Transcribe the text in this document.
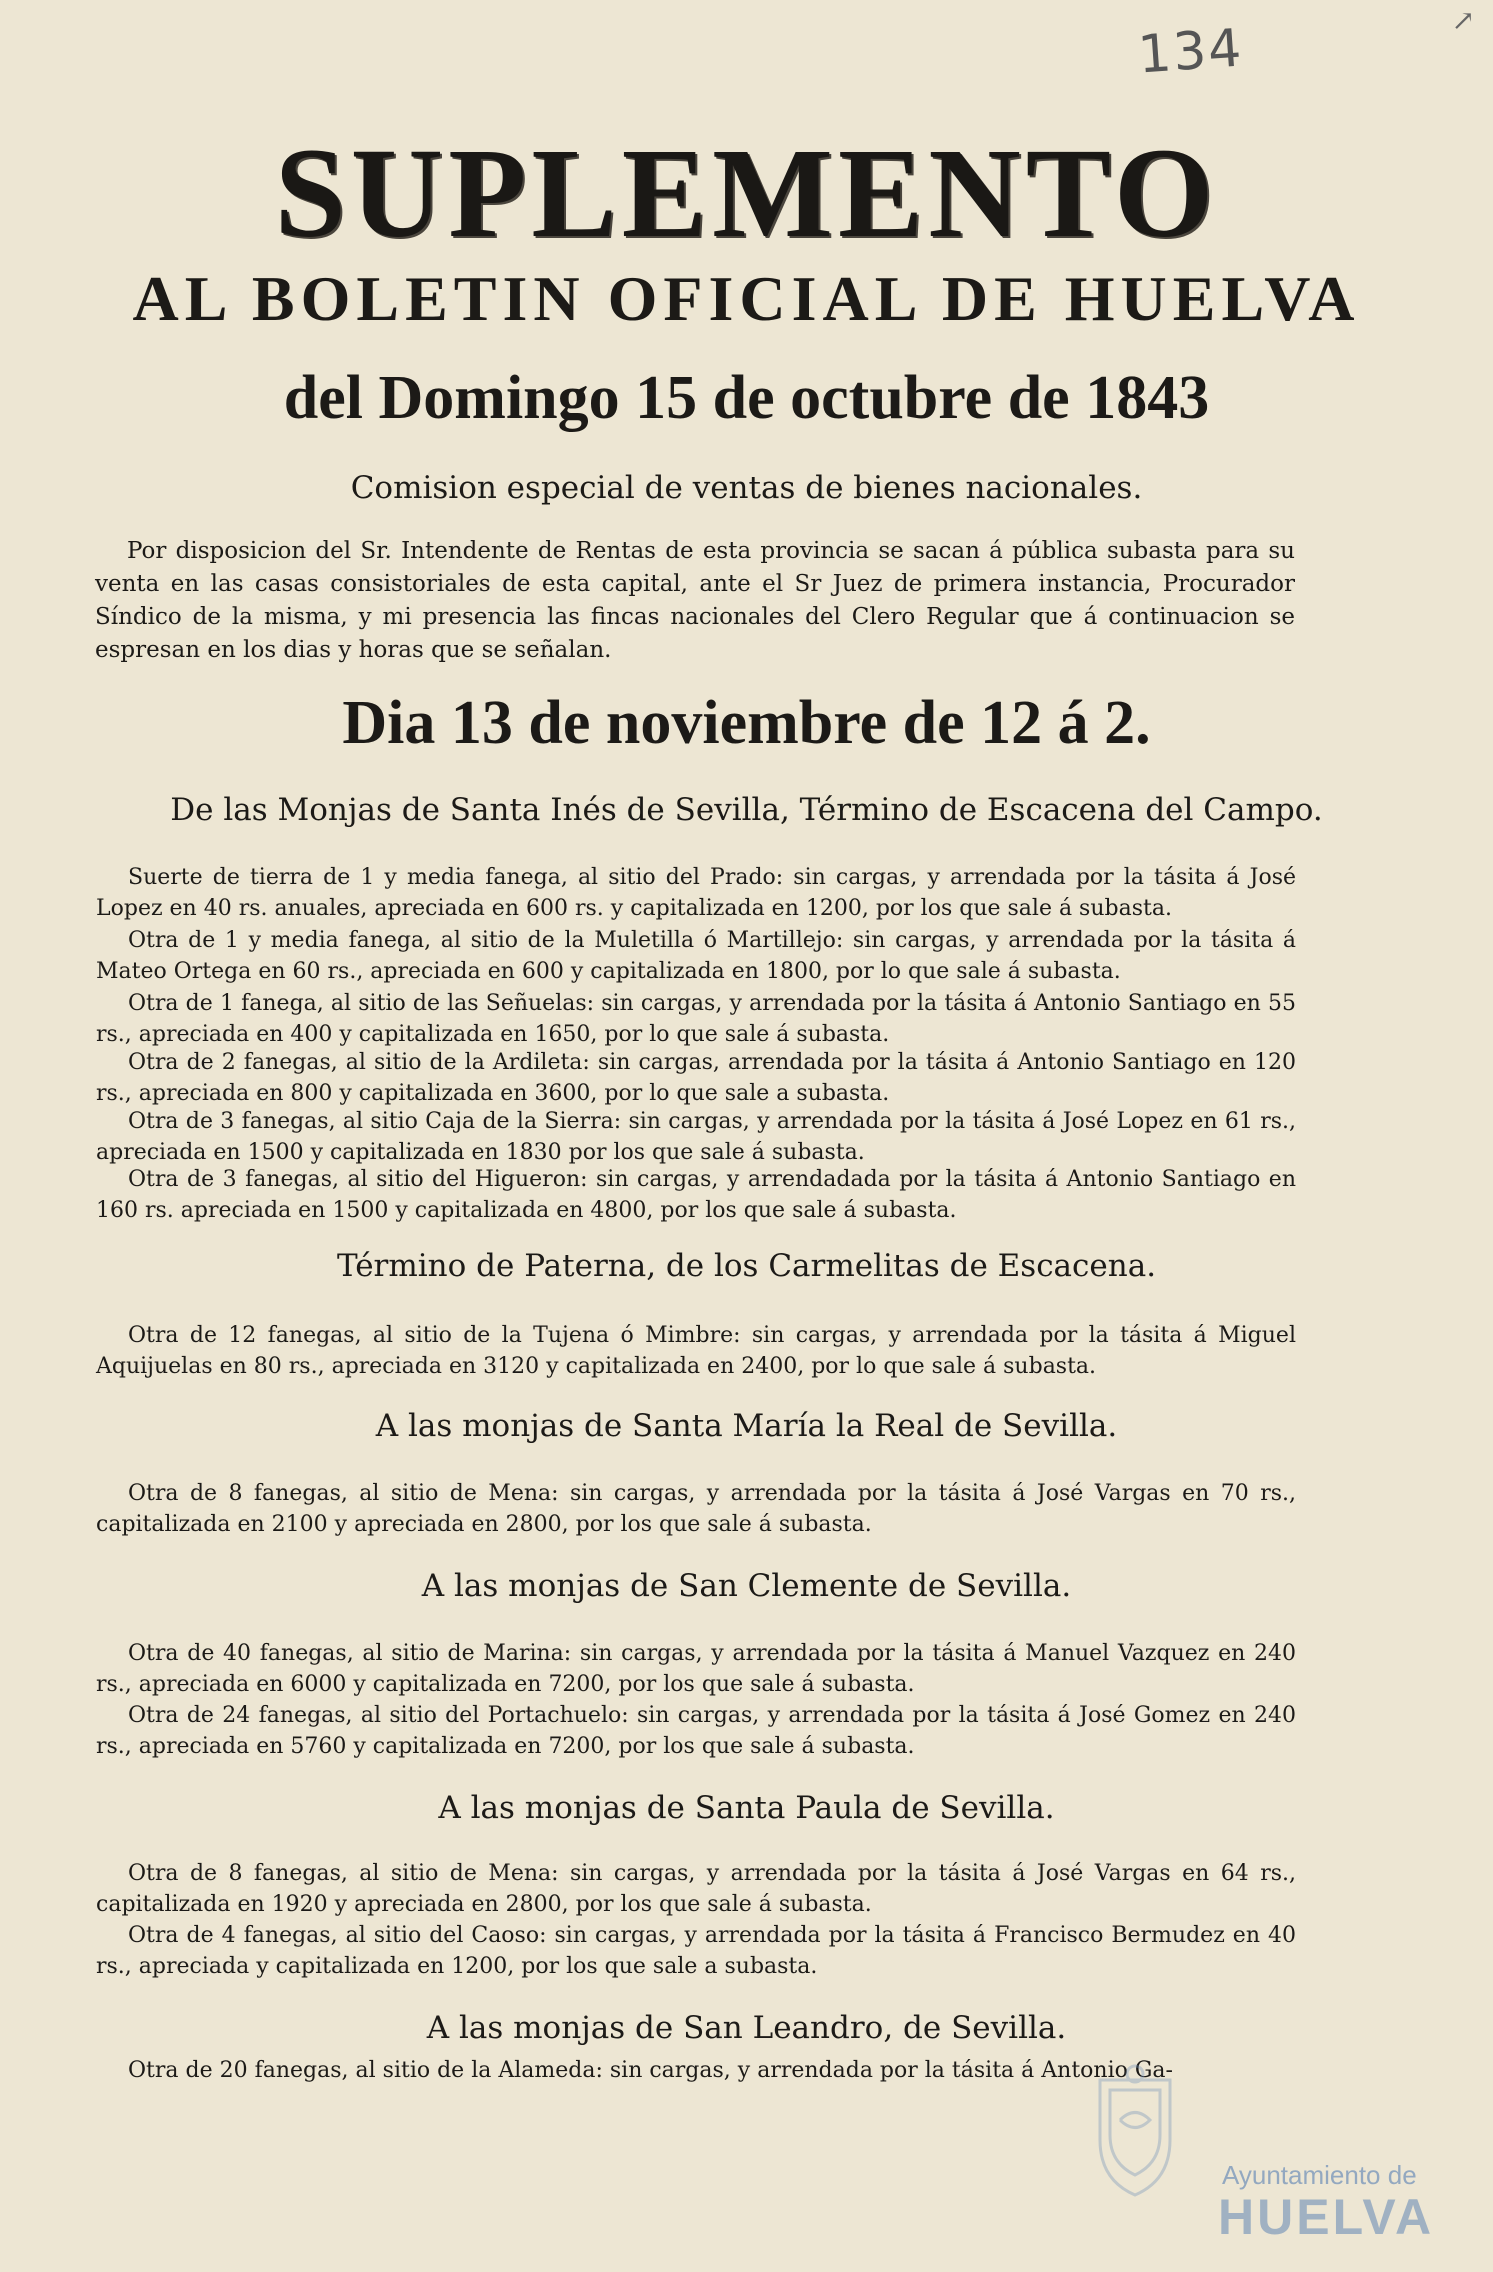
134	↗
SUPLEMENTO
AL BOLETIN OFICIAL DE HUELVA
del Domingo 15 de octubre de 1843
Comision especial de ventas de bienes nacionales.
Por disposicion del Sr. Intendente de Rentas de esta provincia se sacan á pública subasta para su venta en las casas consistoriales de esta capital, ante el Sr Juez de primera instancia, Procurador Síndico de la misma, y mi presencia las fincas nacionales del Clero Regular que á continuacion se espresan en los dias y horas que se señalan.
Dia 13 de noviembre de 12 á 2.
De las Monjas de Santa Inés de Sevilla, Término de Escacena del Campo.

Suerte de tierra de 1 y media fanega, al sitio del Prado: sin cargas, y arrendada por la tásita á José Lopez en 40 rs. anuales, apreciada en 600 rs. y capitalizada en 1200, por los que sale á subasta.

Otra de 1 y media fanega, al sitio de la Muletilla ó Martillejo: sin cargas, y arrendada por la tásita á Mateo Ortega en 60 rs., apreciada en 600 y capitalizada en 1800, por lo que sale á subasta.

Otra de 1 fanega, al sitio de las Señuelas: sin cargas, y arrendada por la tásita á Antonio Santiago en 55 rs., apreciada en 400 y capitalizada en 1650, por lo que sale á subasta.

Otra de 2 fanegas, al sitio de la Ardileta: sin cargas, arrendada por la tásita á Antonio Santiago en 120 rs., apreciada en 800 y capitalizada en 3600, por lo que sale a subasta.

Otra de 3 fanegas, al sitio Caja de la Sierra: sin cargas, y arrendada por la tásita á José Lopez en 61 rs., apreciada en 1500 y capitalizada en 1830 por los que sale á subasta.

Otra de 3 fanegas, al sitio del Higueron: sin cargas, y arrendadada por la tásita á Antonio Santiago en 160 rs. apreciada en 1500 y capitalizada en 4800, por los que sale á subasta.

Término de Paterna, de los Carmelitas de Escacena.

Otra de 12 fanegas, al sitio de la Tujena ó Mimbre: sin cargas, y arrendada por la tásita á Miguel Aquijuelas en 80 rs., apreciada en 3120 y capitalizada en 2400, por lo que sale á subasta.

A las monjas de Santa María la Real de Sevilla.

Otra de 8 fanegas, al sitio de Mena: sin cargas, y arrendada por la tásita á José Vargas en 70 rs., capitalizada en 2100 y apreciada en 2800, por los que sale á subasta.

A las monjas de San Clemente de Sevilla.

Otra de 40 fanegas, al sitio de Marina: sin cargas, y arrendada por la tásita á Manuel Vazquez en 240 rs., apreciada en 6000 y capitalizada en 7200, por los que sale á subasta.

Otra de 24 fanegas, al sitio del Portachuelo: sin cargas, y arrendada por la tásita á José Gomez en 240 rs., apreciada en 5760 y capitalizada en 7200, por los que sale á subasta.

A las monjas de Santa Paula de Sevilla.

Otra de 8 fanegas, al sitio de Mena: sin cargas, y arrendada por la tásita á José Vargas en 64 rs., capitalizada en 1920 y apreciada en 2800, por los que sale á subasta.

Otra de 4 fanegas, al sitio del Caoso: sin cargas, y arrendada por la tásita á Francisco Bermudez en 40 rs., apreciada y capitalizada en 1200, por los que sale a subasta.

A las monjas de San Leandro, de Sevilla.

Otra de 20 fanegas, al sitio de la Alameda: sin cargas, y arrendada por la tásita á Antonio Ga-

Ayuntamiento de
HUELVA
